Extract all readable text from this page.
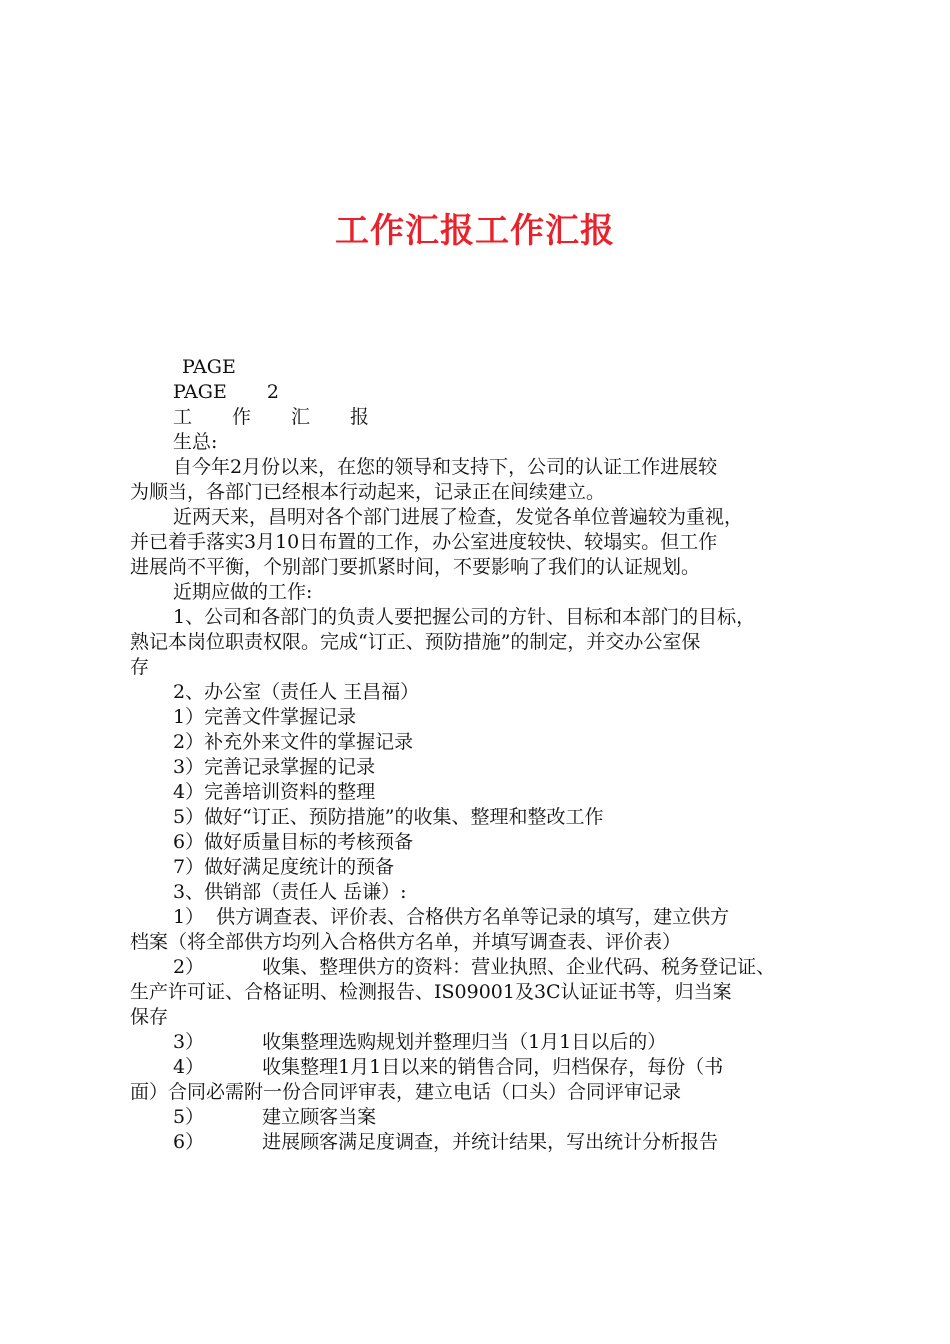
工作汇报工作汇报
PAGE
PAGE 2
工 作 汇 报
生总:
自今年2月份以来，在您的领导和支持下，公司的认证工作进展较
为顺当，各部门已经根本行动起来，记录正在间续建立。
近两天来，昌明对各个部门进展了检查，发觉各单位普遍较为重视，
并已着手落实3月10日布置的工作，办公室进度较快、较塌实。但工作
进展尚不平衡，个别部门要抓紧时间，不要影响了我们的认证规划。
近期应做的工作:
1、公司和各部门的负责人要把握公司的方针、目标和本部门的目标，
熟记本岗位职责权限。完成“订正、预防措施”的制定，并交办公室保
存
2、办公室（责任人 王昌福）
1）完善文件掌握记录
2）补充外来文件的掌握记录
3）完善记录掌握的记录
4）完善培训资料的整理
5）做好“订正、预防措施”的收集、整理和整改工作
6）做好质量目标的考核预备
7）做好满足度统计的预备
3、供销部（责任人 岳谦）:
1） 供方调查表、评价表、合格供方名单等记录的填写，建立供方
档案（将全部供方均列入合格供方名单，并填写调查表、评价表）
2）	收集、整理供方的资料：营业执照、企业代码、税务登记证、
生产许可证、合格证明、检测报告、IS09001及3C认证证书等，归当案
保存
3）	收集整理选购规划并整理归当（1月1日以后的）
4）	收集整理1月1日以来的销售合同，归档保存，每份（书
面）合同必需附一份合同评审表，建立电话（口头）合同评审记录
5）	建立顾客当案
6）	进展顾客满足度调查，并统计结果，写出统计分析报告
